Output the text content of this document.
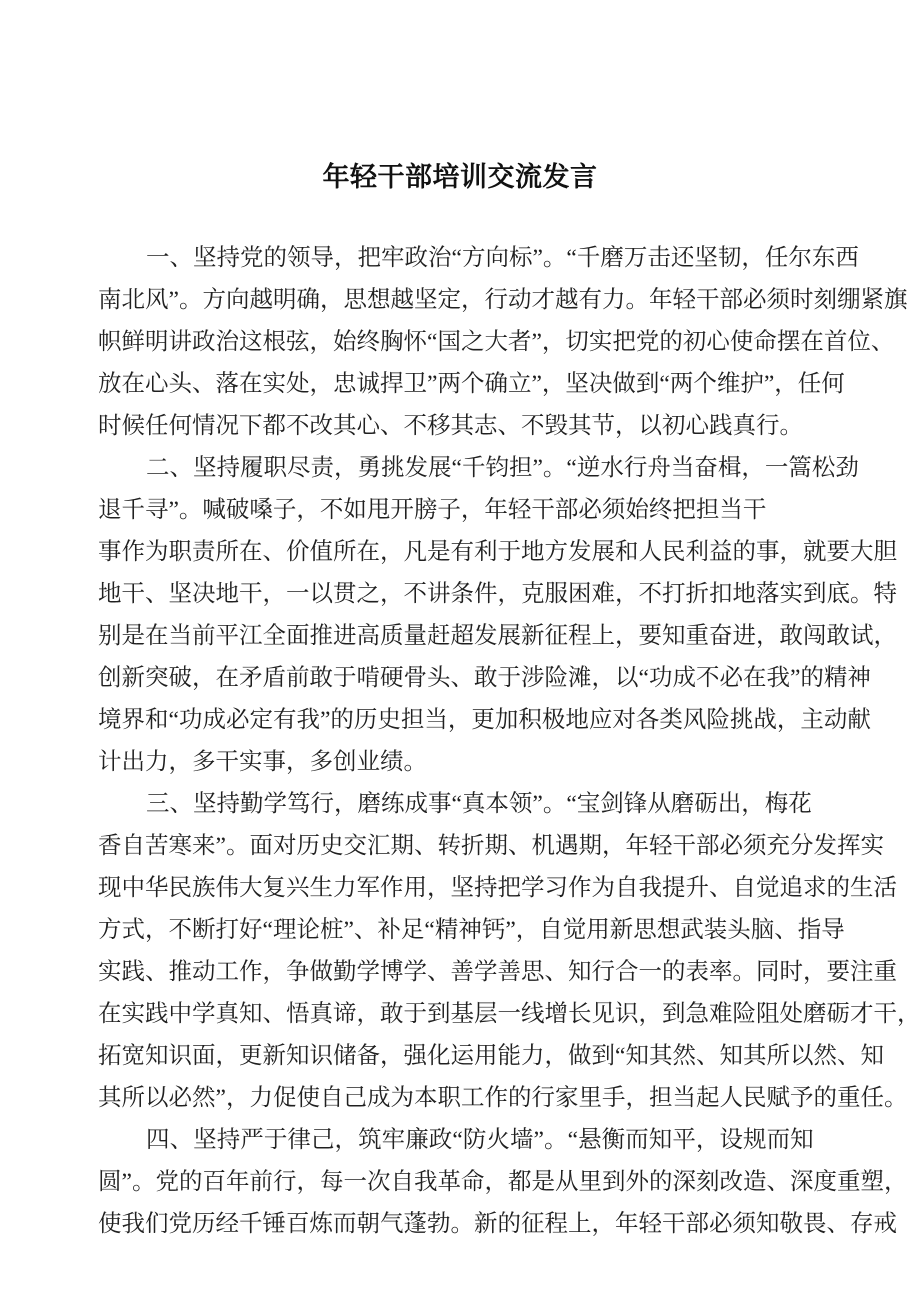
年轻干部培训交流发言
一 、 坚 持 党 的 领 导 ， 把 牢 政 治 “ 方 向 标 ” 。 “ 千 磨 万 击 还 坚 韧 ， 任 尔 东 西
南 北 风 ” 。 方 向 越 明 确 ， 思 想 越 坚 定 ， 行 动 才 越 有 力 。 年 轻 干 部 必 须 时 刻 绷 紧 旗
帜 鲜 明 讲 政 治 这 根 弦 ， 始 终 胸 怀 “ 国 之 大 者 ” ， 切 实 把 党 的 初 心 使 命 摆 在 首 位 、
放 在 心 头 、 落 在 实 处 ， 忠 诚 捍 卫 ” 两 个 确 立 ” ， 坚 决 做 到 “ 两 个 维 护 ” ， 任 何
时候任何情况下都不改其心、不移其志、不毁其节，以初心践真行。
二 、 坚 持 履 职 尽 责 ， 勇 挑 发 展 “ 千 钧 担 ” 。 “ 逆 水 行 舟 当 奋 楫 ， 一 篙 松 劲
退千寻”。喊破嗓子，不如甩开膀子，年轻干部必须始终把担当干
事 作 为 职 责 所 在 、 价 值 所 在 ， 凡 是 有 利 于 地 方 发 展 和 人 民 利 益 的 事 ， 就 要 大 胆
地 干 、 坚 决 地 干 ， 一 以 贯 之 ， 不 讲 条 件 ， 克 服 困 难 ， 不 打 折 扣 地 落 实 到 底 。 特
别 是 在 当 前 平 江 全 面 推 进 高 质 量 赶 超 发 展 新 征 程 上 ， 要 知 重 奋 进 ， 敢 闯 敢 试 ，
创 新 突 破 ， 在 矛 盾 前 敢 于 啃 硬 骨 头 、 敢 于 涉 险 滩 ， 以 “ 功 成 不 必 在 我 ” 的 精 神
境 界 和 “ 功 成 必 定 有 我 ” 的 历 史 担 当 ， 更 加 积 极 地 应 对 各 类 风 险 挑 战 ， 主 动 献
计出力，多干实事，多创业绩。
三、坚持勤学笃行，磨练成事“真本领”。“宝剑锋从磨砺出，梅花
香 自 苦 寒 来 ” 。 面 对 历 史 交 汇 期 、 转 折 期 、 机 遇 期 ， 年 轻 干 部 必 须 充 分 发 挥 实
现 中 华 民 族 伟 大 复 兴 生 力 军 作 用 ， 坚 持 把 学 习 作 为 自 我 提 升 、 自 觉 追 求 的 生 活
方 式 ， 不 断 打 好 “ 理 论 桩 ” 、 补 足 “ 精 神 钙 ” ， 自 觉 用 新 思 想 武 装 头 脑 、 指 导
实 践 、 推 动 工 作 ， 争 做 勤 学 博 学 、 善 学 善 思 、 知 行 合 一 的 表 率 。 同 时 ， 要 注 重
在 实 践 中 学 真 知 、 悟 真 谛 ， 敢 于 到 基 层 一 线 增 长 见 识 ， 到 急 难 险 阻 处 磨 砺 才 干 ，
拓 宽 知 识 面 ， 更 新 知 识 储 备 ， 强 化 运 用 能 力 ， 做 到 “ 知 其 然 、 知 其 所 以 然 、 知
其 所 以 必 然 ” ， 力 促 使 自 己 成 为 本 职 工 作 的 行 家 里 手 ， 担 当 起 人 民 赋 予 的 重 任 。
四 、 坚 持 严 于 律 己 ， 筑 牢 廉 政 “ 防 火 墙 ” 。 “ 悬 衡 而 知 平 ， 设 规 而 知
圆 ” 。 党 的 百 年 前 行 ， 每 一 次 自 我 革 命 ， 都 是 从 里 到 外 的 深 刻 改 造 、 深 度 重 塑 ，
使 我 们 党 历 经 千 锤 百 炼 而 朝 气 蓬 勃 。 新 的 征 程 上 ， 年 轻 干 部 必 须 知 敬 畏 、 存 戒
